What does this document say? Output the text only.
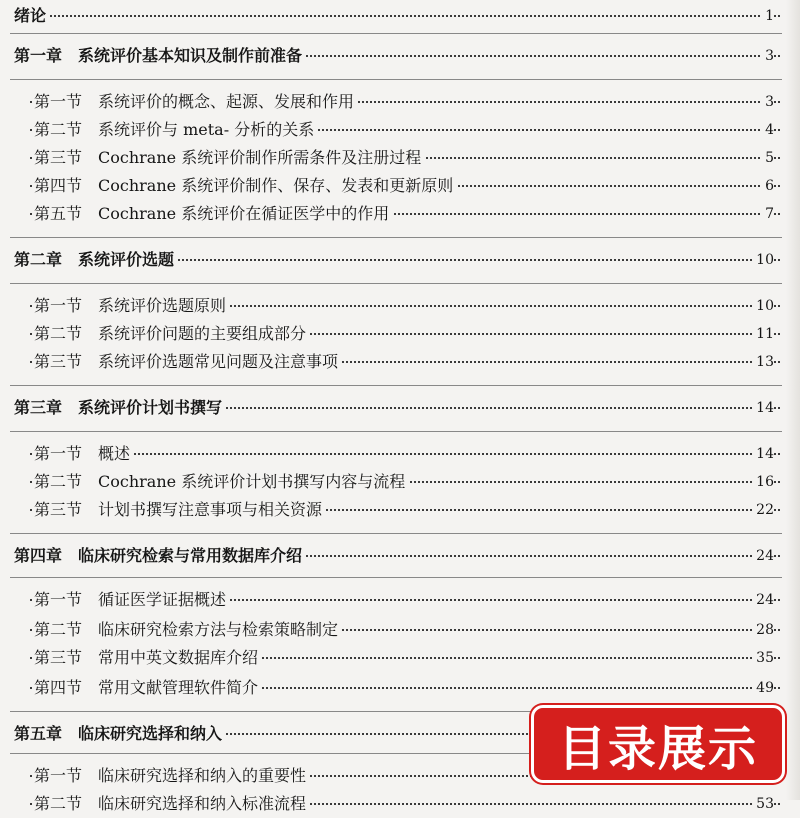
绪论	1
第一章　系统评价基本知识及制作前准备	3
第一节　系统评价的概念、起源、发展和作用	3
第二节　系统评价与 meta- 分析的关系	4
第三节　Cochrane 系统评价制作所需条件及注册过程	5
第四节　Cochrane 系统评价制作、保存、发表和更新原则	6
第五节　Cochrane 系统评价在循证医学中的作用	7
第二章　系统评价选题	10
第一节　系统评价选题原则	10
第二节　系统评价问题的主要组成部分	11
第三节　系统评价选题常见问题及注意事项	13
第三章　系统评价计划书撰写	14
第一节　概述	14
第二节　Cochrane 系统评价计划书撰写内容与流程	16
第三节　计划书撰写注意事项与相关资源	22
第四章　临床研究检索与常用数据库介绍	24
第一节　循证医学证据概述	24
第二节　临床研究检索方法与检索策略制定	28
第三节　常用中英文数据库介绍	35
第四节　常用文献管理软件简介	49
第五章　临床研究选择和纳入
第一节　临床研究选择和纳入的重要性
第二节　临床研究选择和纳入标准流程	53
目录展示
